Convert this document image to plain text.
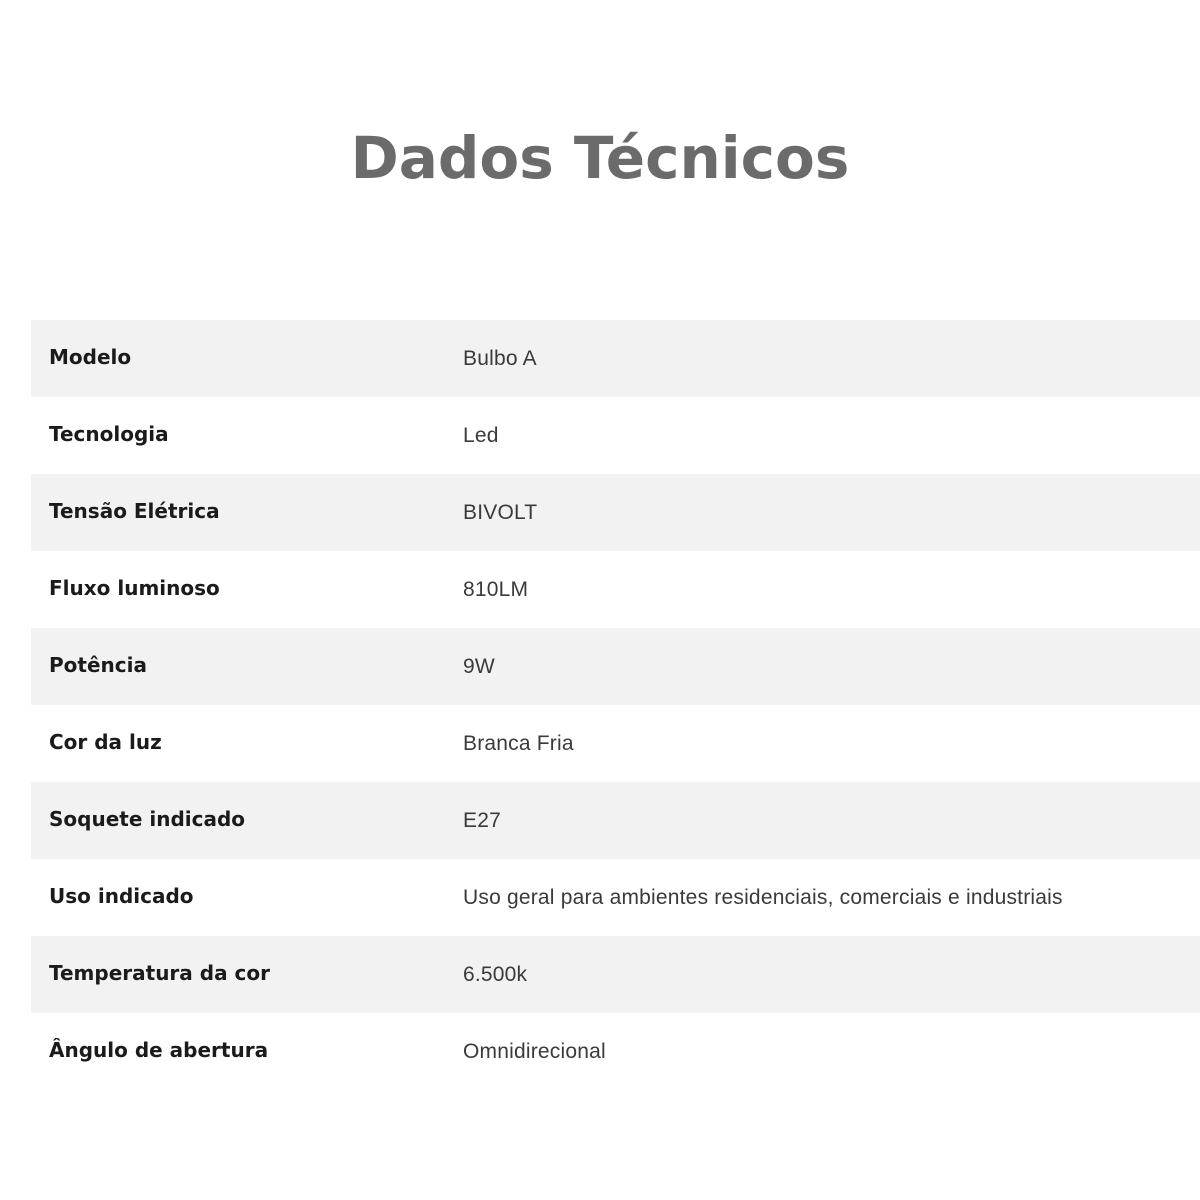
Dados Técnicos
Modelo	Bulbo A
Tecnologia	Led
Tensão Elétrica	BIVOLT
Fluxo luminoso	810LM
Potência	9W
Cor da luz	Branca Fria
Soquete indicado	E27
Uso indicado	Uso geral para ambientes residenciais, comerciais e industriais
Temperatura da cor	6.500k
Ângulo de abertura	Omnidirecional
